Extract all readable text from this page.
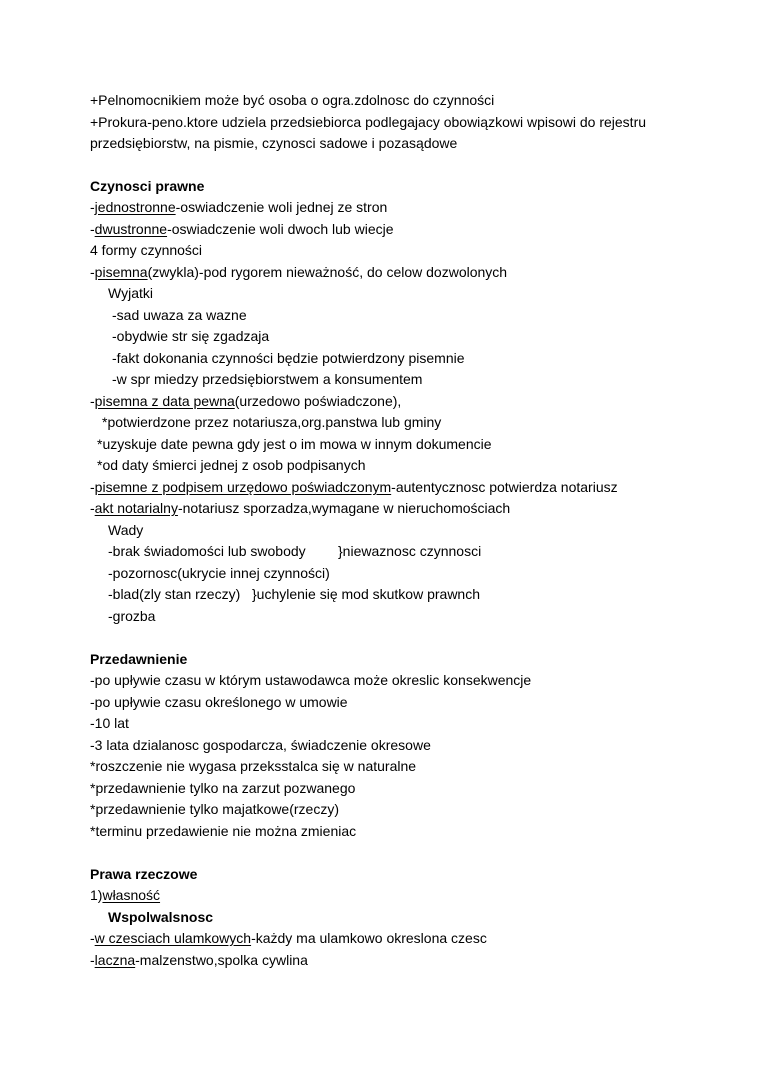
+Pelnomocnikiem może być osoba o ogra.zdolnosc do czynności
+Prokura-peno.ktore udziela przedsiebiorca podlegajacy obowiązkowi wpisowi do rejestru
przedsiębiorstw, na pismie, czynosci sadowe i pozasądowe
Czynosci prawne
-jednostronne-oswiadczenie woli jednej ze stron
-dwustronne-oswiadczenie woli dwoch lub wiecje
4 formy czynności
-pisemna(zwykla)-pod rygorem nieważność, do celow dozwolonych
Wyjatki
-sad uwaza za wazne
-obydwie str się zgadzaja
-fakt dokonania czynności będzie potwierdzony pisemnie
-w spr miedzy przedsiębiorstwem a konsumentem
-pisemna z data pewna(urzedowo poświadczone),
*potwierdzone przez notariusza,org.panstwa lub gminy
*uzyskuje date pewna gdy jest o im mowa w innym dokumencie
*od daty śmierci jednej z osob podpisanych
-pisemne z podpisem urzędowo poświadczonym-autentycznosc potwierdza notariusz
-akt notarialny-notariusz sporzadza,wymagane w nieruchomościach
Wady
-brak świadomości lub swobody }niewaznosc czynnosci
-pozornosc(ukrycie innej czynności)
-blad(zly stan rzeczy) }uchylenie się mod skutkow prawnch
-grozba
Przedawnienie
-po upływie czasu w którym ustawodawca może okreslic konsekwencje
-po upływie czasu określonego w umowie
-10 lat
-3 lata dzialanosc gospodarcza, świadczenie okresowe
*roszczenie nie wygasa przeksstalca się w naturalne
*przedawnienie tylko na zarzut pozwanego
*przedawnienie tylko majatkowe(rzeczy)
*terminu przedawienie nie można zmieniac
Prawa rzeczowe
1)własność
Wspolwalsnosc
-w czesciach ulamkowych-każdy ma ulamkowo okreslona czesc
-laczna-malzenstwo,spolka cywlina
